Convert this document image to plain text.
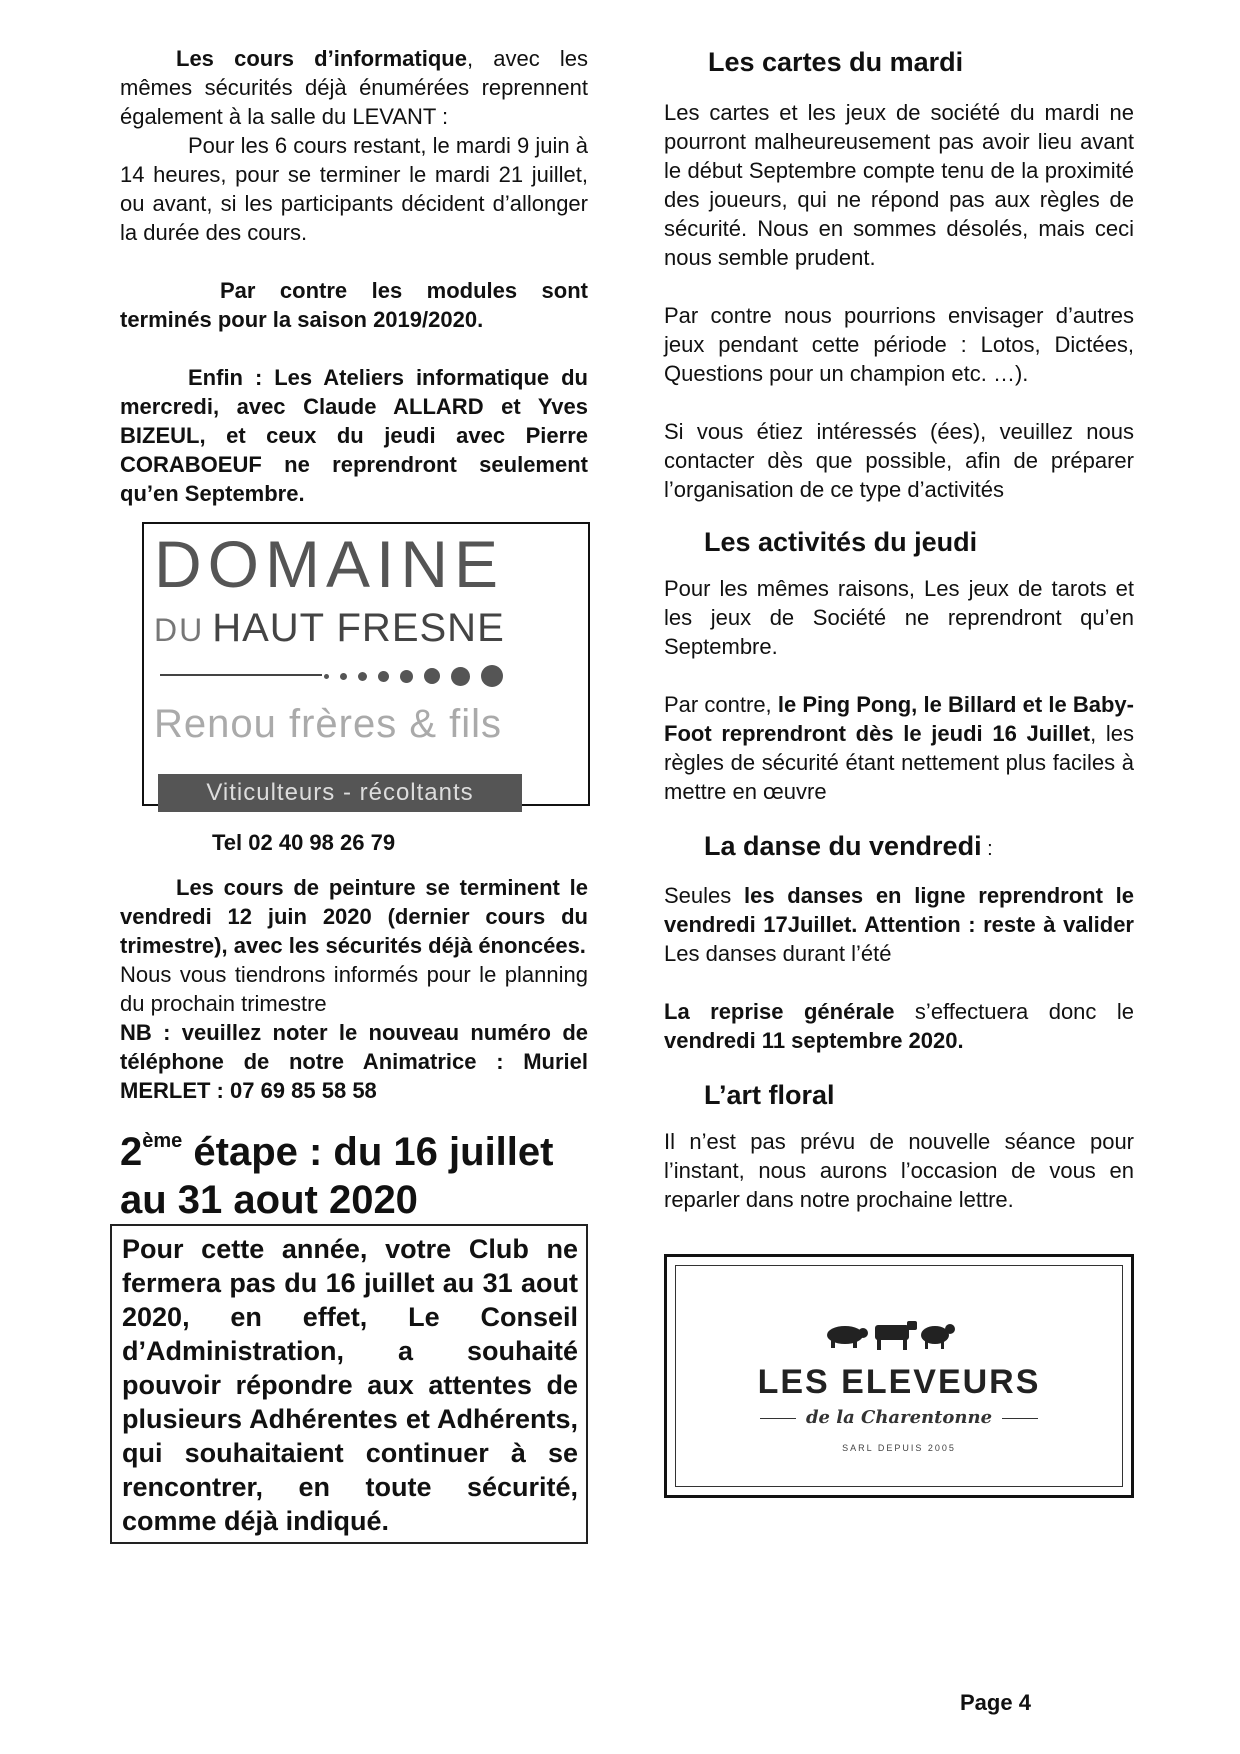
Les cours d’informatique, avec les mêmes sécurités déjà énumérées reprennent également à la salle du LEVANT :

Pour les 6 cours restant, le mardi 9 juin à 14 heures, pour se terminer le mardi 21 juillet, ou avant, si les participants décident d’allonger la durée des cours.

Par contre les modules sont terminés pour la saison 2019/2020.

Enfin : Les Ateliers informatique du mercredi, avec Claude ALLARD et Yves BIZEUL, et ceux du jeudi avec Pierre CORABOEUF ne reprendront seulement qu’en Septembre.

DOMAINE
DU HAUT FRESNE
Renou frères & fils
Viticulteurs - récoltants
Tel 02 40 98 26 79

Les cours de peinture se terminent le vendredi 12 juin 2020 (dernier cours du trimestre), avec les sécurités déjà énoncées.

Nous vous tiendrons informés pour le planning du prochain trimestre

NB : veuillez noter le nouveau numéro de téléphone de notre Animatrice : Muriel MERLET : 07 69 85 58 58

2ème étape : du 16 juillet au 31 aout 2020
Pour cette année, votre Club ne fermera pas du 16 juillet au 31 aout 2020, en effet, Le Conseil d’Administration, a souhaité pouvoir répondre aux attentes de plusieurs Adhérentes et Adhérents, qui souhaitaient continuer à se rencontrer, en toute sécurité, comme déjà indiqué.
Les cartes du mardi

Les cartes et les jeux de société du mardi ne pourront malheureusement pas avoir lieu avant le début Septembre compte tenu de la proximité des joueurs, qui ne répond pas aux règles de sécurité. Nous en sommes désolés, mais ceci nous semble prudent.

Par contre nous pourrions envisager d’autres jeux pendant cette période : Lotos, Dictées, Questions pour un champion etc. …).

Si vous étiez intéressés (ées), veuillez nous contacter dès que possible, afin de préparer l’organisation de ce type d’activités

Les activités du jeudi

Pour les mêmes raisons, Les jeux de tarots et les jeux de Société ne reprendront qu’en Septembre.

Par contre, le Ping Pong, le Billard et le Baby-Foot reprendront dès le jeudi 16 Juillet, les règles de sécurité étant nettement plus faciles à mettre en œuvre

La danse du vendredi :

Seules les danses en ligne reprendront le vendredi 17Juillet. Attention : reste à valider Les danses durant l’été

La reprise générale s’effectuera donc le vendredi 11 septembre 2020.

L’art floral

Il n’est pas prévu de nouvelle séance pour l’instant, nous aurons l’occasion de vous en reparler dans notre prochaine lettre.

LES ELEVEURS
de la Charentonne
SARL DEPUIS 2005
Page 4
